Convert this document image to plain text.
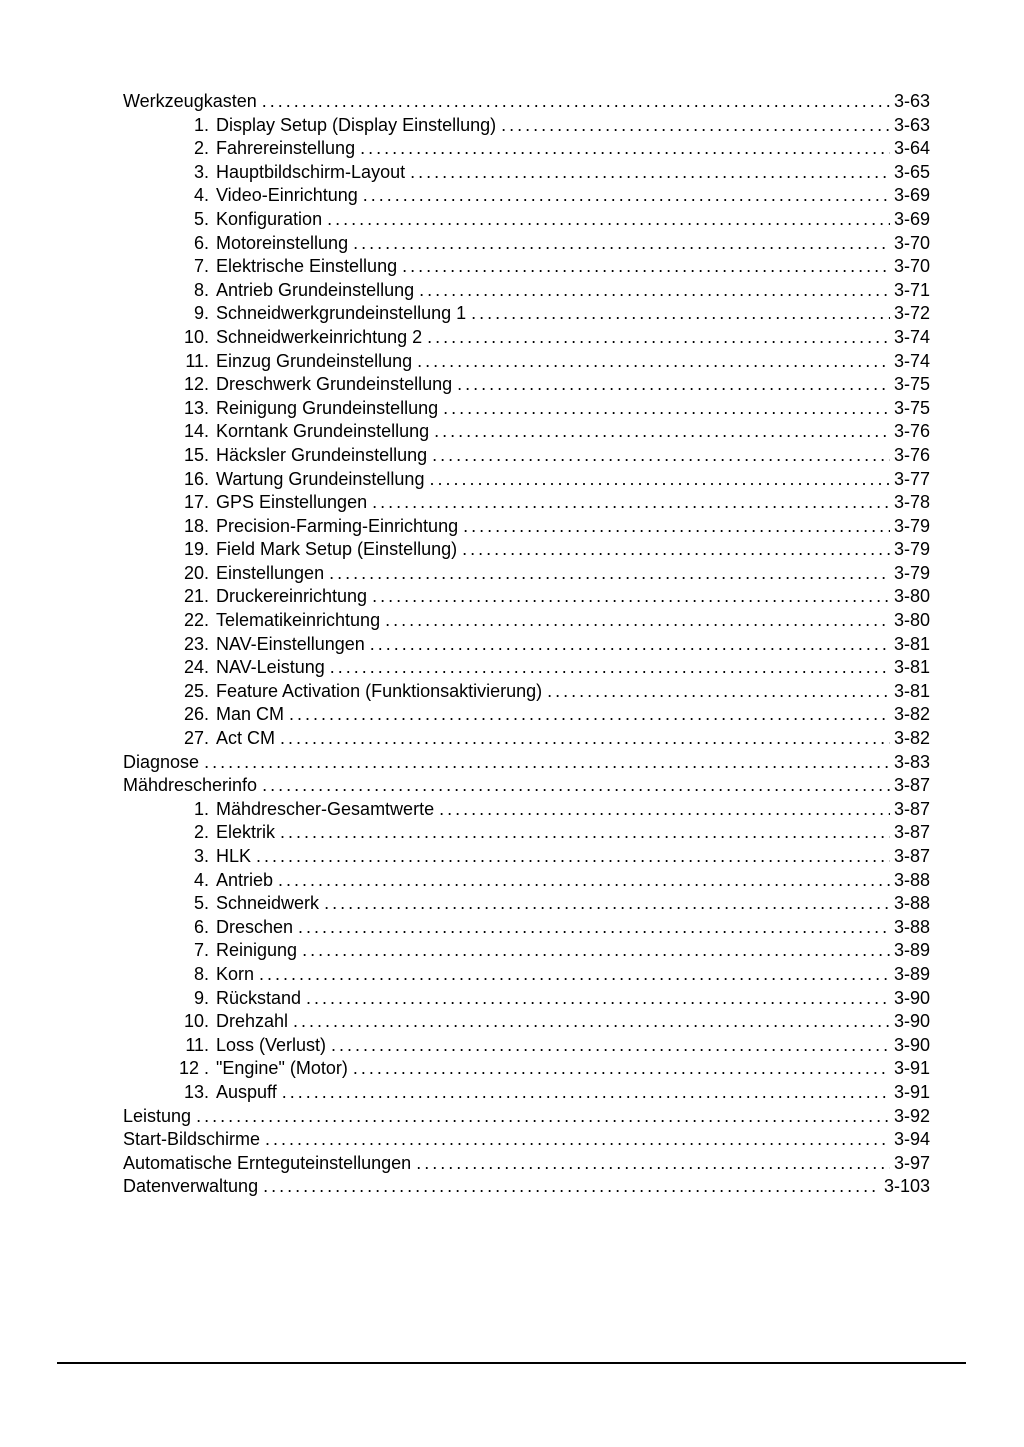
Werkzeugkasten .....	3-63
1. Display Setup (Display Einstellung) .....	3-63
2. Fahrereinstellung .....	3-64
3. Hauptbildschirm-Layout .....	3-65
4. Video-Einrichtung .....	3-69
5. Konfiguration .....	3-69
6. Motoreinstellung .....	3-70
7. Elektrische Einstellung .....	3-70
8. Antrieb Grundeinstellung .....	3-71
9. Schneidwerkgrundeinstellung 1 .....	3-72
10. Schneidwerkeinrichtung 2 .....	3-74
11. Einzug Grundeinstellung .....	3-74
12. Dreschwerk Grundeinstellung .....	3-75
13. Reinigung Grundeinstellung .....	3-75
14. Korntank Grundeinstellung .....	3-76
15. Häcksler Grundeinstellung .....	3-76
16. Wartung Grundeinstellung .....	3-77
17. GPS Einstellungen .....	3-78
18. Precision-Farming-Einrichtung .....	3-79
19. Field Mark Setup (Einstellung) .....	3-79
20. Einstellungen .....	3-79
21. Druckereinrichtung .....	3-80
22. Telematikeinrichtung .....	3-80
23. NAV-Einstellungen .....	3-81
24. NAV-Leistung .....	3-81
25. Feature Activation (Funktionsaktivierung) .....	3-81
26. Man CM .....	3-82
27. Act CM .....	3-82
Diagnose .....	3-83
Mähdrescherinfo .....	3-87
1. Mähdrescher-Gesamtwerte .....	3-87
2. Elektrik .....	3-87
3. HLK .....	3-87
4. Antrieb .....	3-88
5. Schneidwerk .....	3-88
6. Dreschen .....	3-88
7. Reinigung .....	3-89
8. Korn .....	3-89
9. Rückstand .....	3-90
10. Drehzahl .....	3-90
11. Loss (Verlust) .....	3-90
12 . "Engine" (Motor) .....	3-91
13. Auspuff .....	3-91
Leistung .....	3-92
Start-Bildschirme .....	3-94
Automatische Ernteguteinstellungen .....	3-97
Datenverwaltung .....	3-103
